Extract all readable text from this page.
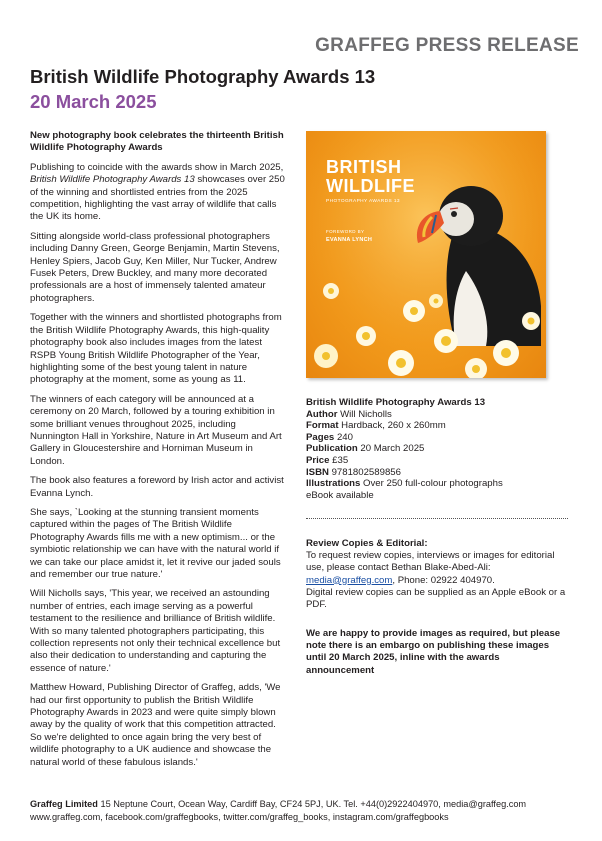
GRAFFEG PRESS RELEASE
British Wildlife Photography Awards 13
20 March 2025

New photography book celebrates the thirteenth British Wildlife Photography Awards

Publishing to coincide with the awards show in March 2025, British Wildlife Photography Awards 13 showcases over 250 of the winning and shortlisted entries from the 2025 competition, highlighting the vast array of wildlife that calls the UK its home.

Sitting alongside world-class professional photographers including Danny Green, George Benjamin, Martin Stevens, Henley Spiers, Jacob Guy, Ken Miller, Nur Tucker, Andrew Fusek Peters, Drew Buckley, and many more decorated professionals are a host of immensely talented amateur photographers.

Together with the winners and shortlisted photographs from the British Wildlife Photography Awards, this high-quality photography book also includes images from the latest RSPB Young British Wildlife Photographer of the Year, highlighting some of the best young talent in nature photography at the moment, some as young as 11.

The winners of each category will be announced at a ceremony on 20 March, followed by a touring exhibition in some brilliant venues throughout 2025, including Nunnington Hall in Yorkshire, Nature in Art Museum and Art Gallery in Gloucestershire and Horniman Museum in London.

The book also features a foreword by Irish actor and activist Evanna Lynch.

She says, `Looking at the stunning transient moments captured within the pages of The British Wildlife Photography Awards fills me with a new optimism... or the symbiotic relationship we can have with the natural world if we can take our place amidst it, let it revive our jaded souls and remember our true nature.'

Will Nicholls says, 'This year, we received an astounding number of entries, each image serving as a powerful testament to the resilience and brilliance of British wildlife. With so many talented photographers participating, this collection represents not only their technical excellence but also their dedication to understanding and capturing the essence of nature.'

Matthew Howard, Publishing Director of Graffeg, adds, 'We had our first opportunity to publish the British Wildlife Photography Awards in 2023 and were quite simply blown away by the quality of work that this competition attracted. So we're delighted to once again bring the very best of wildlife photography to a UK audience and showcase the natural world of these fabulous islands.'

BRITISH
WILDLIFE
PHOTOGRAPHY AWARDS 13
FOREWORD BY
EVANNA LYNCH
British Wildlife Photography Awards 13
Author Will Nicholls
Format Hardback, 260 x 260mm
Pages 240
Publication 20 March 2025
Price £35
ISBN 9781802589856
Illustrations Over 250 full-colour photographs
eBook available
Review Copies & Editorial:
To request review copies, interviews or images for editorial use, please contact Bethan Blake-Abed-Ali: media@graffeg.com, Phone: 02922 404970.
Digital review copies can be supplied as an Apple eBook or a PDF.
We are happy to provide images as required, but please note there is an embargo on publishing these images until 20 March 2025, inline with the awards announcement
Graffeg Limited 15 Neptune Court, Ocean Way, Cardiff Bay, CF24 5PJ, UK. Tel. +44(0)2922404970, media@graffeg.com
www.graffeg.com, facebook.com/graffegbooks, twitter.com/graffeg_books, instagram.com/graffegbooks
